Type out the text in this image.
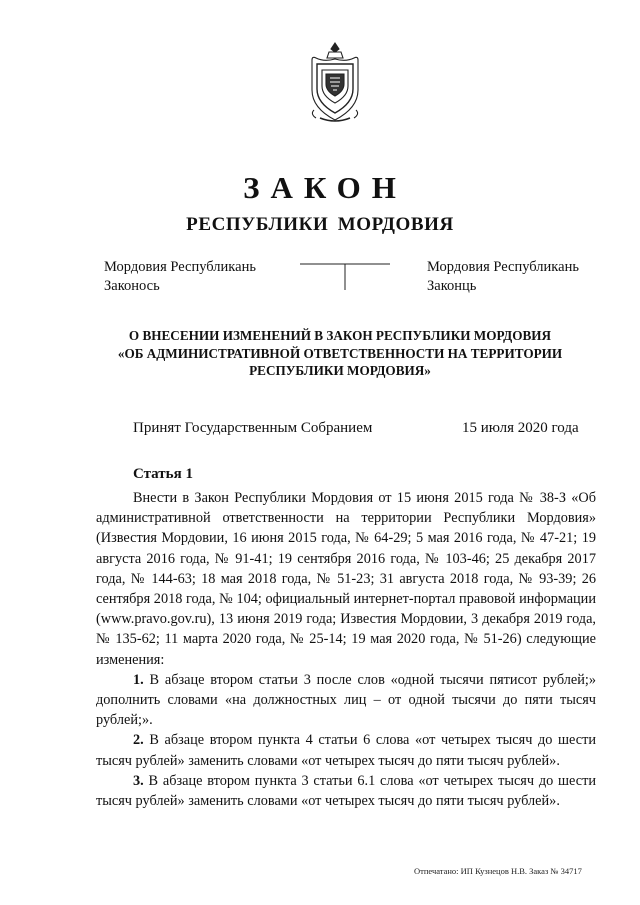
ЗАКОН
РЕСПУБЛИКИ МОРДОВИЯ
Мордовия Республикань
Законось
Мордовия Республикань
Законць
О ВНЕСЕНИИ ИЗМЕНЕНИЙ В ЗАКОН РЕСПУБЛИКИ МОРДОВИЯ
«ОБ АДМИНИСТРАТИВНОЙ ОТВЕТСТВЕННОСТИ НА ТЕРРИТОРИИ
РЕСПУБЛИКИ МОРДОВИЯ»
Принят Государственным Собранием	15 июля 2020 года
Статья 1

Внести в Закон Республики Мордовия от 15 июня 2015 года № 38-З «Об административной ответственности на территории Республики Мордовия» (Известия Мордовии, 16 июня 2015 года, № 64-29; 5 мая 2016 года, № 47-21; 19 августа 2016 года, № 91-41; 19 сентября 2016 года, № 103-46; 25 декабря 2017 года, № 144-63; 18 мая 2018 года, № 51-23; 31 августа 2018 года, № 93-39; 26 сентября 2018 года, № 104; официальный интернет-портал правовой информации (www.pravo.gov.ru), 13 июня 2019 года; Известия Мордовии, 3 декабря 2019 года, № 135-62; 11 марта 2020 года, № 25-14; 19 мая 2020 года, № 51-26) следующие изменения:

1. В абзаце втором статьи 3 после слов «одной тысячи пятисот рублей;» дополнить словами «на должностных лиц – от одной тысячи до пяти тысяч рублей;».

2. В абзаце втором пункта 4 статьи 6 слова «от четырех тысяч до шести тысяч рублей» заменить словами «от четырех тысяч до пяти тысяч рублей».

3. В абзаце втором пункта 3 статьи 6.1 слова «от четырех тысяч до шести тысяч рублей» заменить словами «от четырех тысяч до пяти тысяч рублей».

Отпечатано: ИП Кузнецов Н.В. Заказ № 34717
